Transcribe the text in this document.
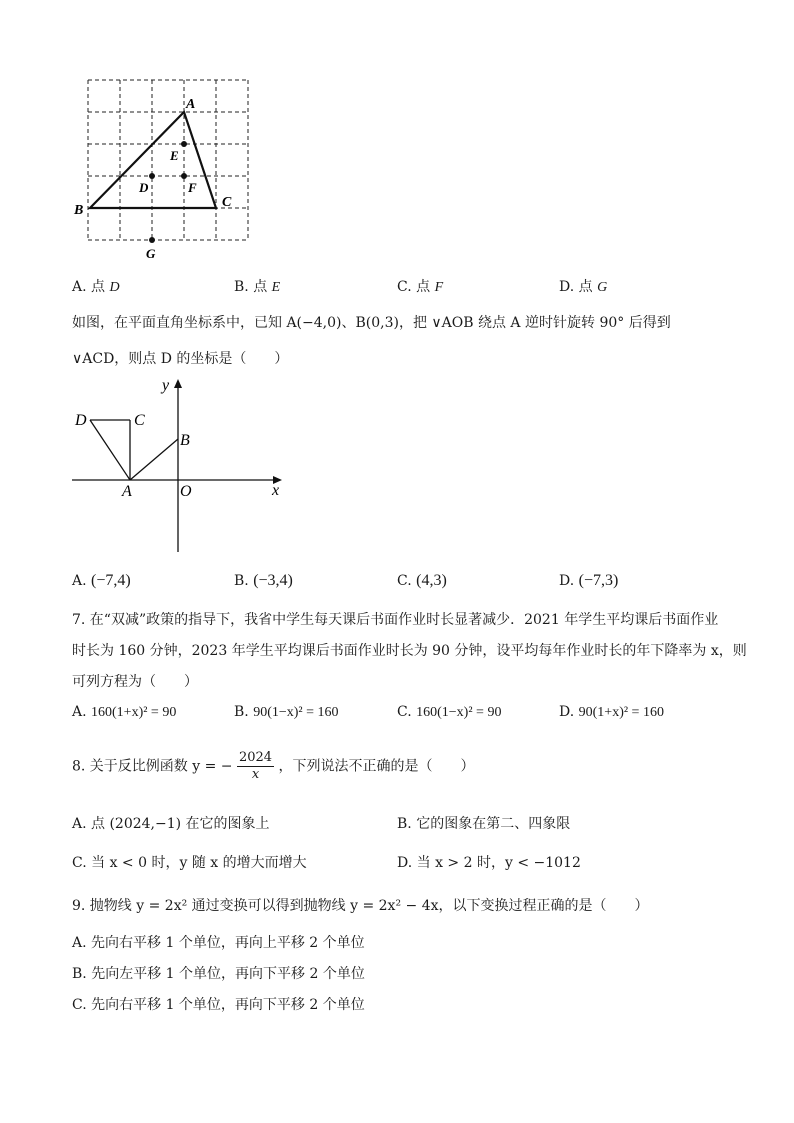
A
B
C
E
D	F
G
A. 点 D	B. 点 E	C. 点 F	D. 点 G
如图，在平面直角坐标系中，已知 A(−4,0)、B(0,3)，把 ∨AOB 绕点 A 逆时针旋转 90° 后得到
∨ACD，则点 D 的坐标是（　　）
y
x
O
A
B
C
D
A. (−7,4)	B. (−3,4)	C. (4,3)	D. (−7,3)
7. 在“双减”政策的指导下，我省中学生每天课后书面作业时长显著减少．2021 年学生平均课后书面作业
时长为 160 分钟，2023 年学生平均课后书面作业时长为 90 分钟，设平均每年作业时长的年下降率为 x，则
可列方程为（　　）
A. 160(1+x)² = 90	B. 90(1−x)² = 160	C. 160(1−x)² = 90	D. 90(1+x)² = 160
8. 关于反比例函数 y = − $\frac{2024}{x}$ ，下列说法不正确的是（　　）
A. 点 (2024,−1) 在它的图象上	B. 它的图象在第二、四象限
C. 当 x < 0 时，y 随 x 的增大而增大	D. 当 x > 2 时，y < −1012
9. 抛物线 y = 2x² 通过变换可以得到抛物线 y = 2x² − 4x，以下变换过程正确的是（　　）
A. 先向右平移 1 个单位，再向上平移 2 个单位
B. 先向左平移 1 个单位，再向下平移 2 个单位
C. 先向右平移 1 个单位，再向下平移 2 个单位
